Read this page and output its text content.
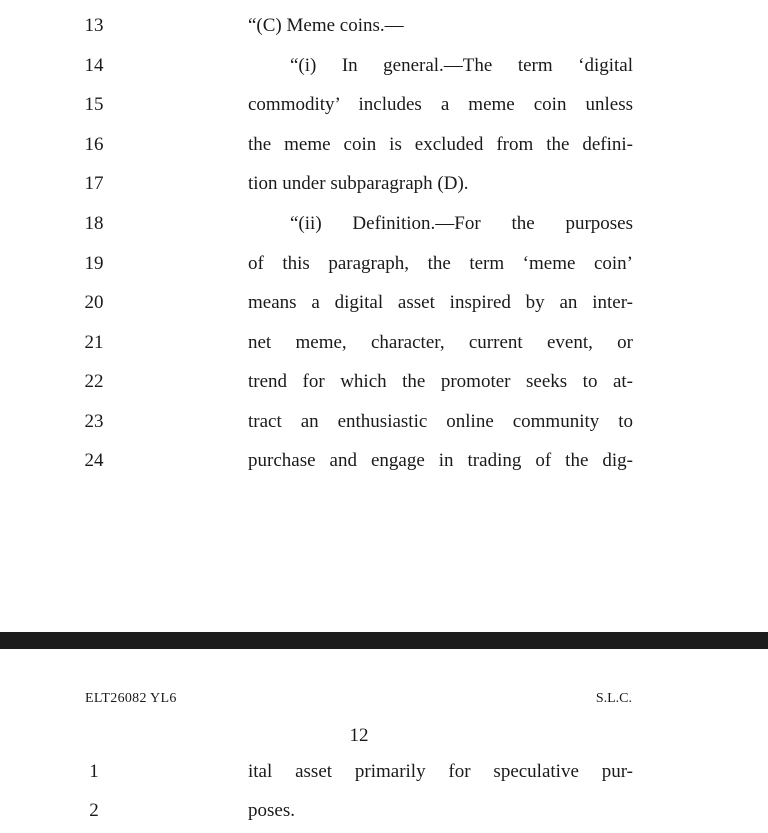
13
14
15
16
17
18
19
20
21
22
23
24
“(C) Meme coins.—
“(i) In general.—The term ‘digital
commodity’ includes a meme coin unless
the meme coin is excluded from the defini-
tion under subparagraph (D).
“(ii) Definition.—For the purposes
of this paragraph, the term ‘meme coin’
means a digital asset inspired by an inter-
net meme, character, current event, or
trend for which the promoter seeks to at-
tract an enthusiastic online community to
purchase and engage in trading of the dig-
ELT26082 YL6	S.L.C.
12
1
2
ital asset primarily for speculative pur-
poses.
